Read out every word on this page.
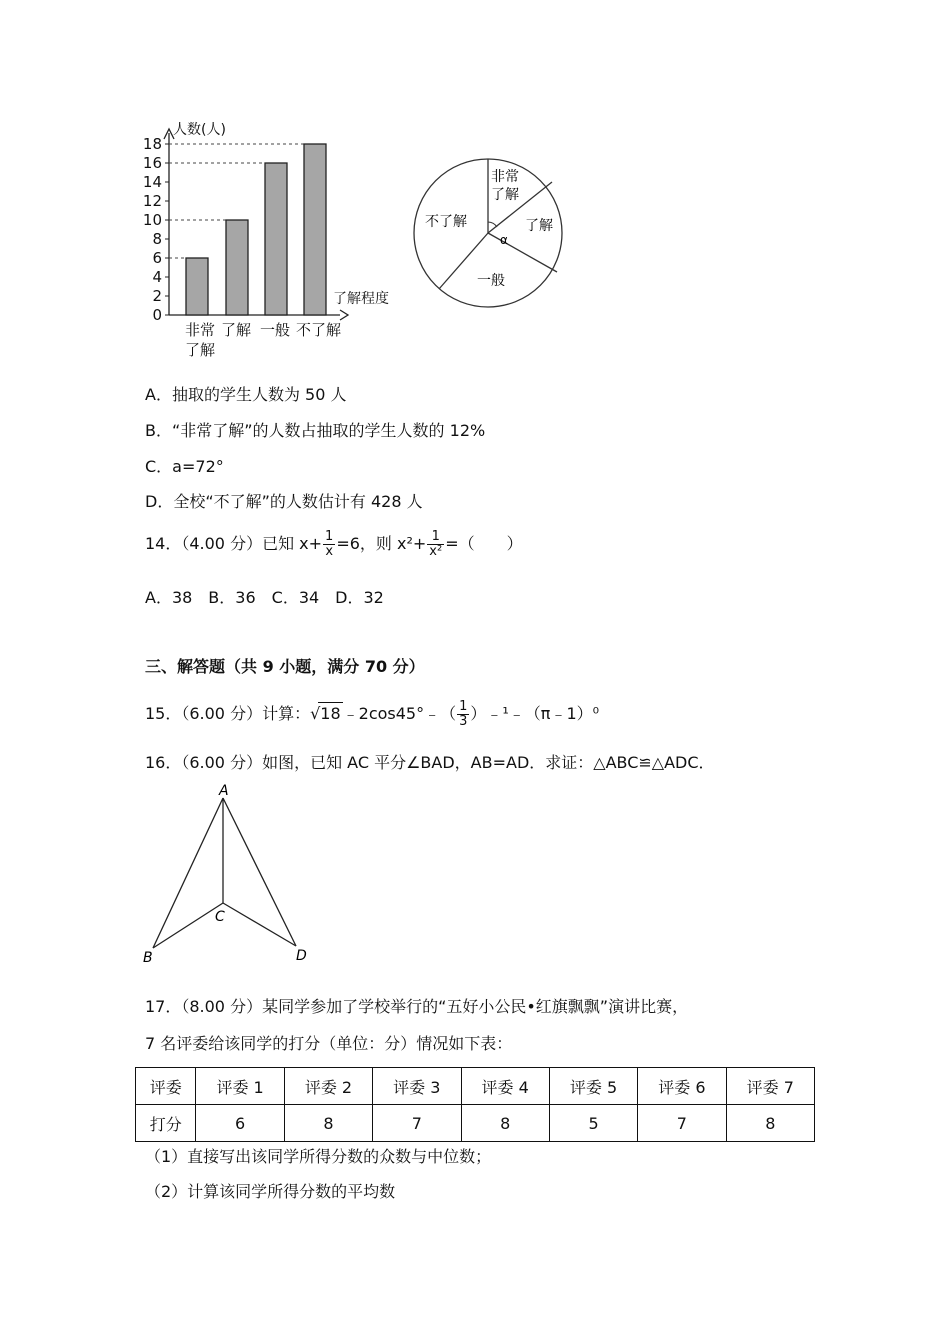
0
2
4
6
8
10
12
14
16
18
人数(人)
了解程度
非常 了解 一般 不了解
了解
非常
了解
了解
一般
不了解
α
A．抽取的学生人数为 50 人
B．“非常了解”的人数占抽取的学生人数的 12%
C．a=72°
D．全校“不了解”的人数估计有 428 人
14．（4.00 分）已知 $x+ \frac{1}{x} =6$，则 $x^2+ \frac{1}{\text{x²}}$ =（　　）
A．38　B．36　C．34　D．32
三、解答题（共 9 小题，满分 70 分）
15．（6.00 分）计算：√18 ﹣2cos45°﹣（ $\frac{1}{3}$ ）﹣¹﹣（π﹣1）⁰
16．（6.00 分）如图，已知 AC 平分∠BAD，AB=AD．求证：△ABC≌△ADC．
A
B
C
D
17．（8.00 分）某同学参加了学校举行的“五好小公民•红旗飘飘”演讲比赛，
7 名评委给该同学的打分（单位：分）情况如下表：
评委	评委 1	评委 2	评委 3	评委 4	评委 5	评委 6	评委 7
打分	6	8	7	8	5	7	8
（1）直接写出该同学所得分数的众数与中位数；
（2）计算该同学所得分数的平均数
